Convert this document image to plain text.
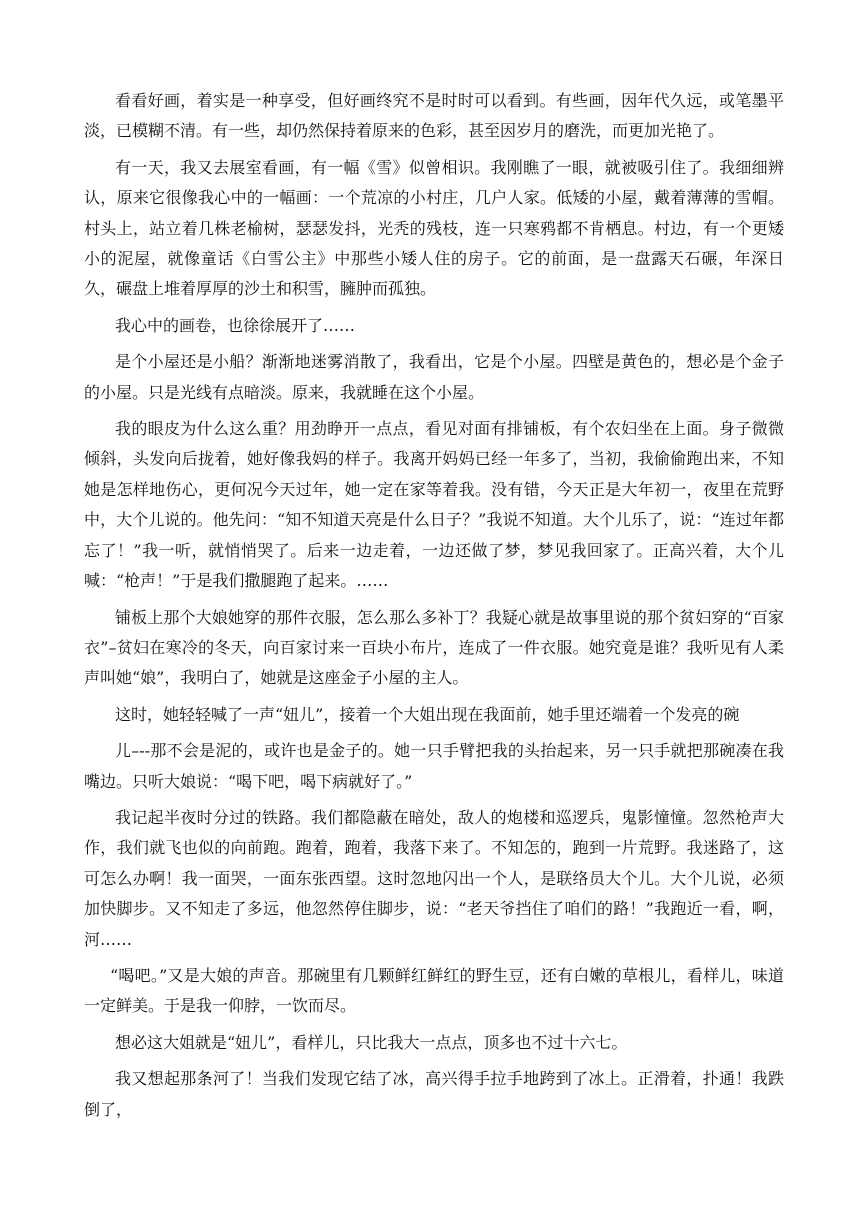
看看好画，着实是一种享受，但好画终究不是时时可以看到。有些画，因年代久远，或笔墨平淡，已模糊不清。有一些，却仍然保持着原来的色彩，甚至因岁月的磨洗，而更加光艳了。

有一天，我又去展室看画，有一幅《雪》似曾相识。我刚瞧了一眼，就被吸引住了。我细细辨认，原来它很像我心中的一幅画：一个荒凉的小村庄，几户人家。低矮的小屋，戴着薄薄的雪帽。村头上，站立着几株老榆树，瑟瑟发抖，光秃的残枝，连一只寒鸦都不肯栖息。村边，有一个更矮小的泥屋，就像童话《白雪公主》中那些小矮人住的房子。它的前面，是一盘露天石碾，年深日久，碾盘上堆着厚厚的沙土和积雪，臃肿而孤独。

我心中的画卷，也徐徐展开了……

是个小屋还是小船？渐渐地迷雾消散了，我看出，它是个小屋。四壁是黄色的，想必是个金子的小屋。只是光线有点暗淡。原来，我就睡在这个小屋。

我的眼皮为什么这么重？用劲睁开一点点，看见对面有排铺板，有个农妇坐在上面。身子微微倾斜，头发向后拢着，她好像我妈的样子。我离开妈妈已经一年多了，当初，我偷偷跑出来，不知她是怎样地伤心，更何况今天过年，她一定在家等着我。没有错，今天正是大年初一，夜里在荒野中，大个儿说的。他先问：“知不知道天亮是什么日子？”我说不知道。大个儿乐了，说：“连过年都忘了！”我一听，就悄悄哭了。后来一边走着，一边还做了梦，梦见我回家了。正高兴着，大个儿喊：“枪声！”于是我们撒腿跑了起来。……

铺板上那个大娘她穿的那件衣服，怎么那么多补丁？我疑心就是故事里说的那个贫妇穿的“百家衣”–贫妇在寒冷的冬天，向百家讨来一百块小布片，连成了一件衣服。她究竟是谁？我听见有人柔声叫她“娘”，我明白了，她就是这座金子小屋的主人。

这时，她轻轻喊了一声“妞儿”，接着一个大姐出现在我面前，她手里还端着一个发亮的碗

儿–--那不会是泥的，或许也是金子的。她一只手臂把我的头抬起来，另一只手就把那碗凑在我嘴边。只听大娘说：“喝下吧，喝下病就好了。”

我记起半夜时分过的铁路。我们都隐蔽在暗处，敌人的炮楼和巡逻兵，鬼影憧憧。忽然枪声大作，我们就飞也似的向前跑。跑着，跑着，我落下来了。不知怎的，跑到一片荒野。我迷路了，这可怎么办啊！我一面哭，一面东张西望。这时忽地闪出一个人，是联络员大个儿。大个儿说，必须加快脚步。又不知走了多远，他忽然停住脚步，说：“老天爷挡住了咱们的路！”我跑近一看，啊，河……

“喝吧。”又是大娘的声音。那碗里有几颗鲜红鲜红的野生豆，还有白嫩的草根儿，看样儿，味道一定鲜美。于是我一仰脖，一饮而尽。

想必这大姐就是“妞儿”，看样儿，只比我大一点点，顶多也不过十六七。

我又想起那条河了！当我们发现它结了冰，高兴得手拉手地跨到了冰上。正滑着，扑通！我跌倒了，
